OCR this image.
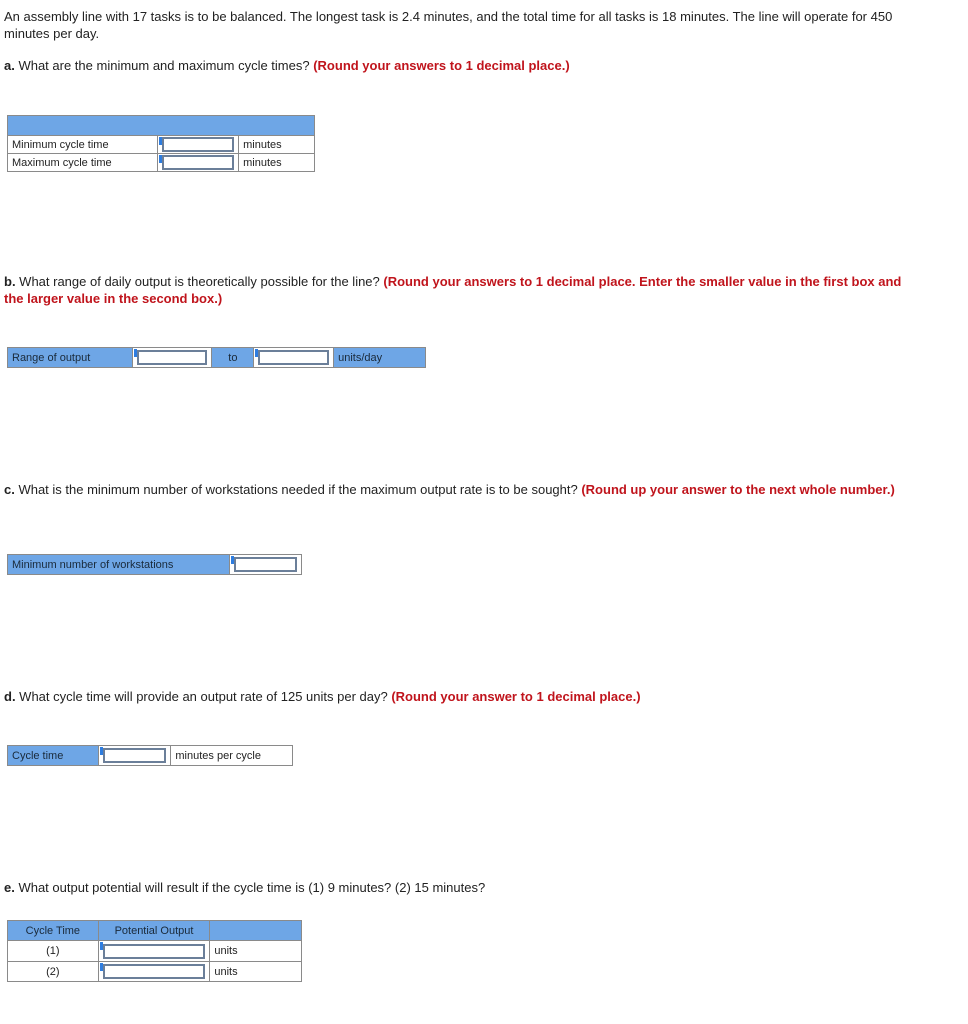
An assembly line with 17 tasks is to be balanced. The longest task is 2.4 minutes, and the total time for all tasks is 18 minutes. The line will operate for 450 minutes per day.

a. What are the minimum and maximum cycle times? (Round your answers to 1 decimal place.)

Minimum cycle time		minutes
Maximum cycle time		minutes

b. What range of daily output is theoretically possible for the line? (Round your answers to 1 decimal place. Enter the smaller value in the first box and the larger value in the second box.)

Range of output		to		units/day

c. What is the minimum number of workstations needed if the maximum output rate is to be sought? (Round up your answer to the next whole number.)

Minimum number of workstations	

d. What cycle time will provide an output rate of 125 units per day? (Round your answer to 1 decimal place.)

Cycle time		minutes per cycle

e. What output potential will result if the cycle time is (1) 9 minutes? (2) 15 minutes?

Cycle Time	Potential Output	
(1)		units
(2)		units
